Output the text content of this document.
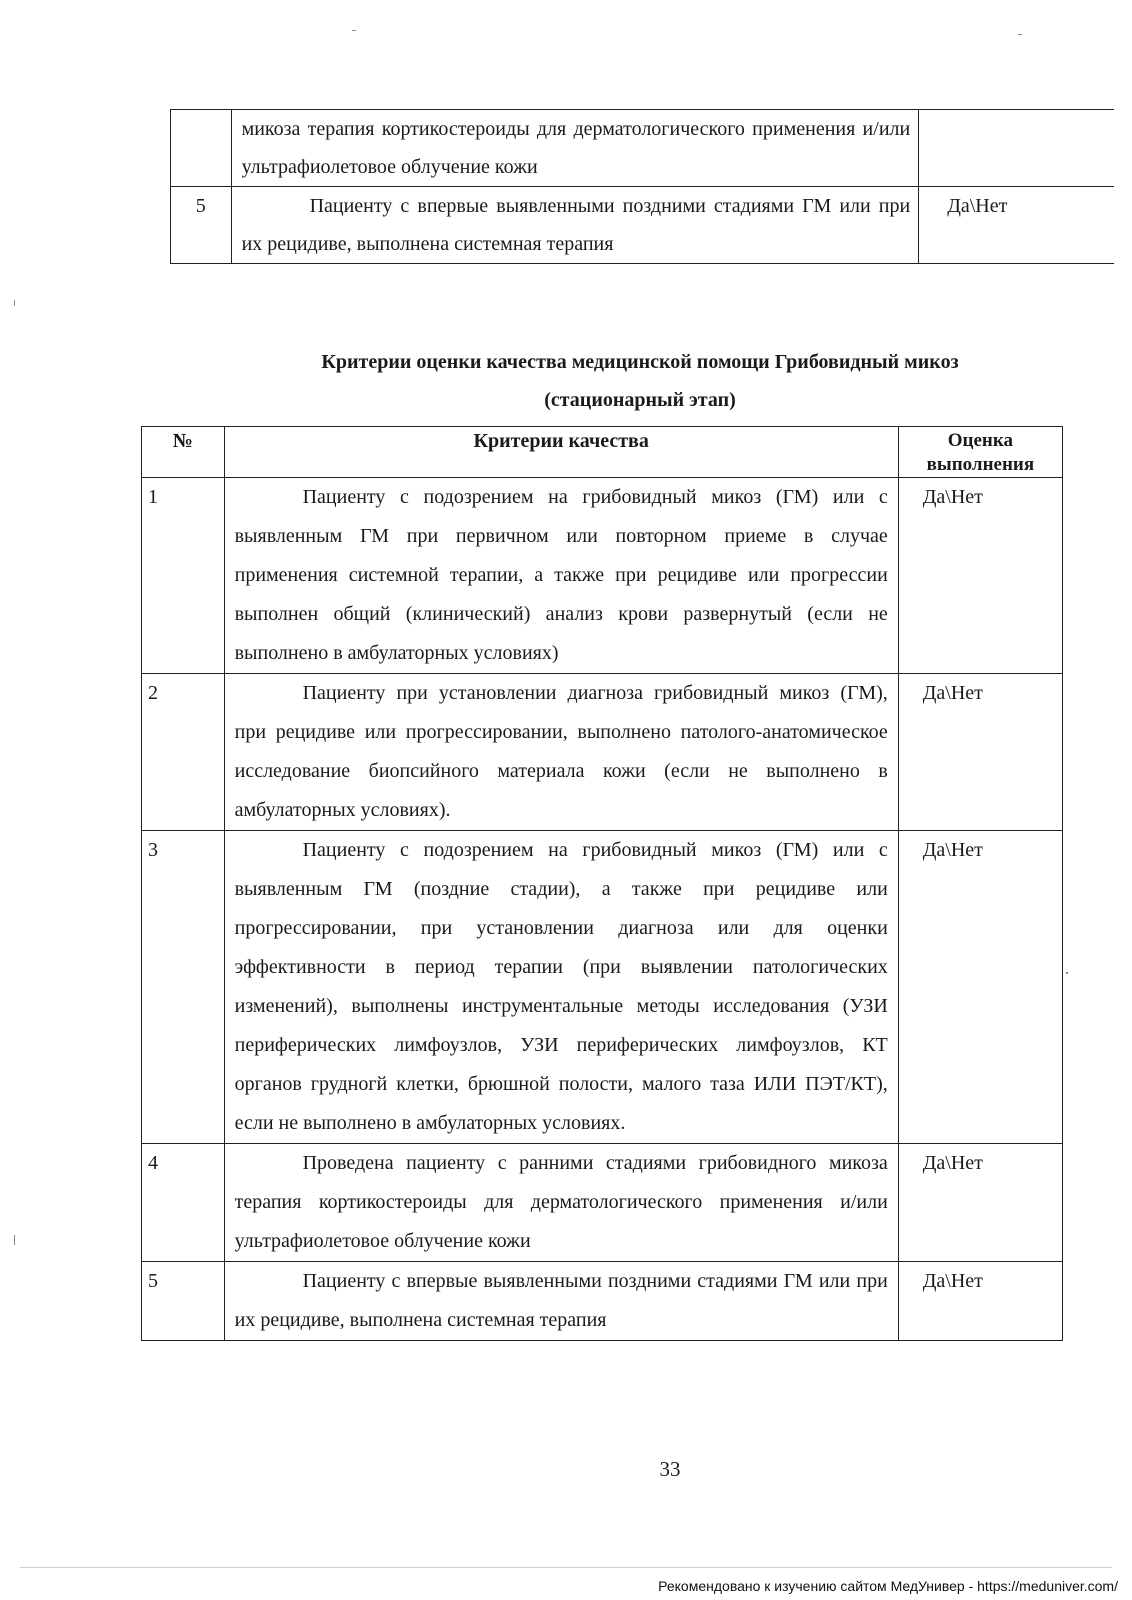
	микоза терапия кортикостероиды для дерматологического применения и/или ультрафиолетовое облучение кожи	
5	Пациенту с впервые выявленными поздними стадиями ГМ или при их рецидиве, выполнена системная терапия	Да\Нет
Критерии оценки качества медицинской помощи Грибовидный микоз
(стационарный этап)
№	Критерии качества	Оценка выполнения
1	Пациенту с подозрением на грибовидный микоз (ГМ) или с выявленным ГМ при первичном или повторном приеме в случае применения системной терапии, а также при рецидиве или прогрессии выполнен общий (клинический) анализ крови развернутый (если не выполнено в амбулаторных условиях)	Да\Нет
2	Пациенту при установлении диагноза грибовидный микоз (ГМ), при рецидиве или прогрессировании, выполнено патолого-анатомическое исследование биопсийного материала кожи (если не выполнено в амбулаторных условиях).	Да\Нет
3	Пациенту с подозрением на грибовидный микоз (ГМ) или с выявленным ГМ (поздние стадии), а также при рецидиве или прогрессировании, при установлении диагноза или для оценки эффективности в период терапии (при выявлении патологических изменений), выполнены инструментальные методы исследования (УЗИ периферических лимфоузлов, УЗИ периферических лимфоузлов, КТ органов грудногй клетки, брюшной полости, малого таза ИЛИ ПЭТ/КТ), если не выполнено в амбулаторных условиях.	Да\Нет
4	Проведена пациенту с ранними стадиями грибовидного микоза терапия кортикостероиды для дерматологического применения и/или ультрафиолетовое облучение кожи	Да\Нет
5	Пациенту с впервые выявленными поздними стадиями ГМ или при их рецидиве, выполнена системная терапия	Да\Нет
33
Рекомендовано к изучению сайтом МедУнивер - https://meduniver.com/
